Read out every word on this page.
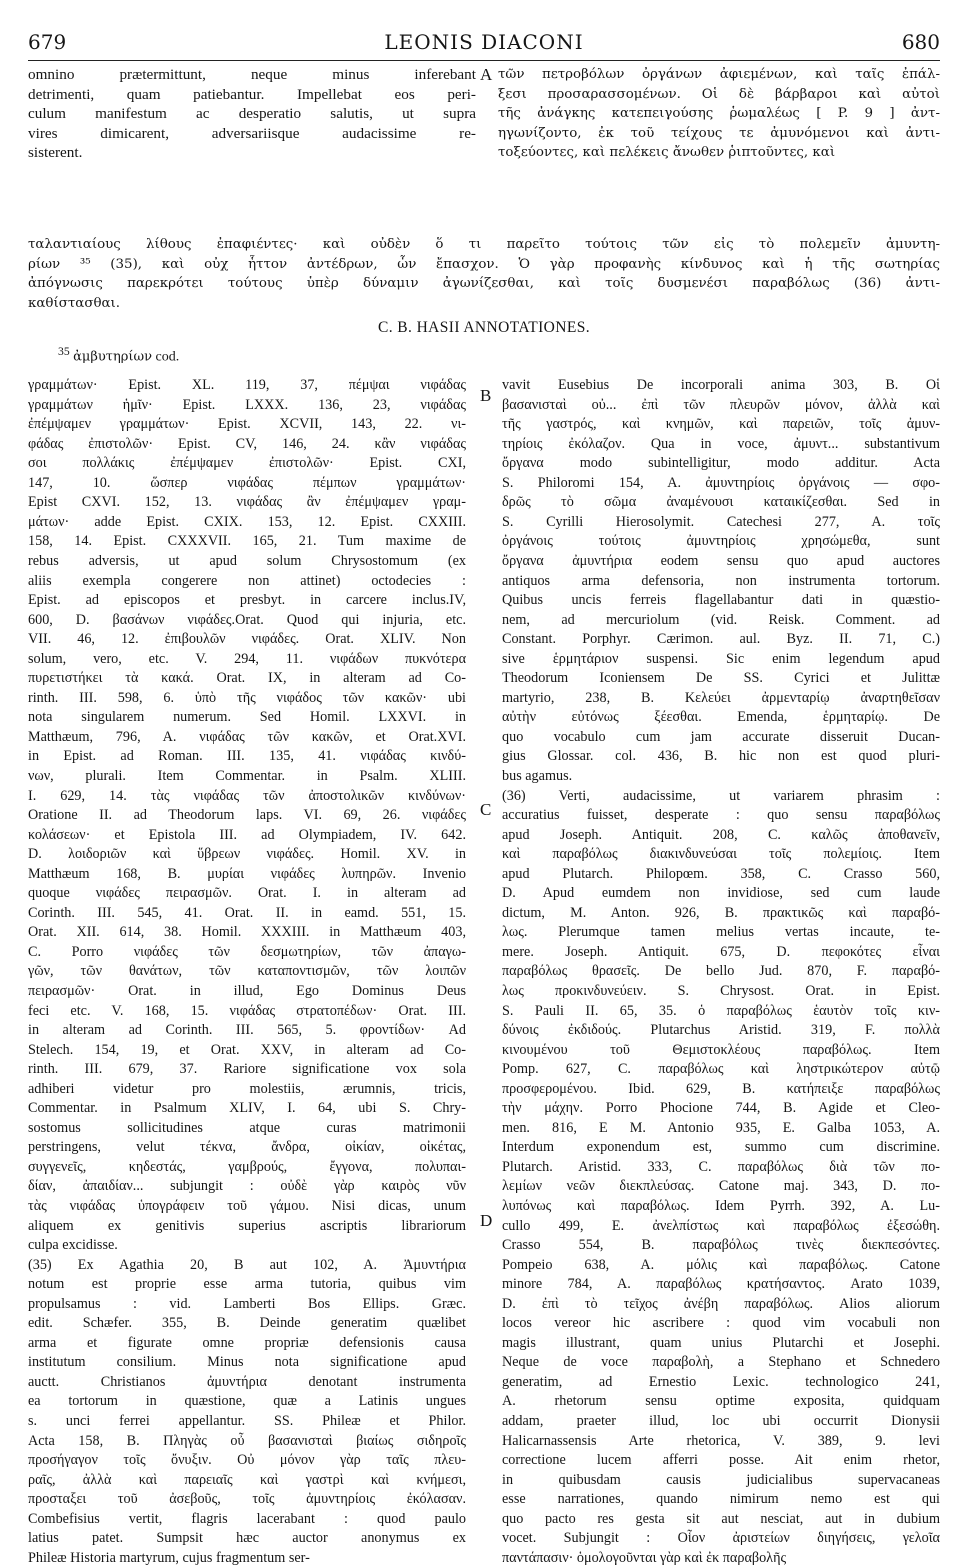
679	LEONIS DIACONI	680
omnino prætermittunt, neque minus inferebant
detrimenti, quam patiebantur. Impellebat eos peri-
culum manifestum ac desperatio salutis, ut supra
vires dimicarent, adversariisque audacissime re-
sisterent.
A τῶν πετροβόλων ὀργάνων ἀφιεμένων, καὶ ταῖς ἐπάλ-
ξεσι προσαρασσομένων. Οἱ δὲ βάρβαροι καὶ αὐτοὶ
τῆς ἀνάγκης κατεπειγούσης ῥωμαλέως [ P. 9 ] ἀντ-
ηγωνίζοντο, ἐκ τοῦ τείχους τε ἀμυνόμενοι καὶ ἀντι-
τοξεύοντες, καὶ πελέκεις ἄνωθεν ῥιπτοῦντες, καὶ
ταλαντιαίους λίθους ἐπαφιέντες· καὶ οὐδὲν ὅ τι παρεῖτο τούτοις τῶν εἰς τὸ πολεμεῖν ἀμυντη-
ρίων ³⁵ (35), καὶ οὐχ ἧττον ἀντέδρων, ὧν ἔπασχον. Ὁ γὰρ προφανὴς κίνδυνος καὶ ἡ τῆς σωτηρίας
ἀπόγνωσις παρεκρότει τούτους ὑπὲρ δύναμιν ἀγωνίζεσθαι, καὶ τοῖς δυσμενέσι παραβόλως (36) ἀντι-
καθίστασθαι.
C. B. HASII ANNOTATIONES.
$^{35}$ ἀμβυτηρίων cod.
γραμμάτων· Epist. XL. 119, 37, πέμψαι νιφάδας
γραμμάτων ἡμῖν· Epist. LXXX. 136, 23, νιφάδας
ἐπέμψαμεν γραμμάτων· Epist. XCVII, 143, 22. νι-
φάδας ἐπιστολῶν· Epist. CV, 146, 24. κἂν νιφάδας
σοι πολλάκις ἐπέμψαμεν ἐπιστολῶν· Epist. CXI,
147, 10. ὥσπερ νιφάδας πέμπων γραμμάτων·
Epist CXVI. 152, 13. νιφάδας ἂν ἐπέμψαμεν γραμ-
μάτων· adde Epist. CXIX. 153, 12. Epist. CXXIII.
158, 14. Epist. CXXXVII. 165, 21. Tum maxime de
rebus adversis, ut apud solum Chrysostomum (ex
aliis exempla congerere non attinet) octodecies :
Epist. ad episcopos et presbyt. in carcere inclus.IV,
600, D. βασάνων νιφάδες.Orat. Quod qui injuria, etc.
VII. 46, 12. ἐπιβουλῶν νιφάδες. Orat. XLIV. Non
solum, vero, etc. V. 294, 11. νιφάδων πυκνότερα
πυρετιστήκει τὰ κακά. Orat. IX, in alteram ad Co-
rinth. III. 598, 6. ὑπὸ τῆς νιφάδος τῶν κακῶν· ubi
nota singularem numerum. Sed Homil. LXXVI. in
Matthæum, 796, A. νιφάδας τῶν κακῶν, et Orat.XVI.
in Epist. ad Roman. III. 135, 41. νιφάδας κινδύ-
νων, plurali. Item Commentar. in Psalm. XLIII.
I. 629, 14. τὰς νιφάδας τῶν ἀποστολικῶν κινδύνων·
Oratione II. ad Theodorum laps. VI. 69, 26. νιφάδες
κολάσεων· et Epistola III. ad Olympiadem, IV. 642.
D. λοιδοριῶν καὶ ὕβρεων νιφάδες. Homil. XV. in
Matthæum 168, B. μυρίαι νιφάδες λυπηρῶν. Invenio
quoque νιφάδες πειρασμῶν. Orat. I. in alteram ad
Corinth. III. 545, 41. Orat. II. in eamd. 551, 15.
Orat. XII. 614, 38. Homil. XXXIII. in Matthæum 403,
C. Porro νιφάδες τῶν δεσμωτηρίων, τῶν ἀπαγω-
γῶν, τῶν θανάτων, τῶν καταποντισμῶν, τῶν λοιπῶν
πειρασμῶν· Orat. in illud, Ego Dominus Deus
feci etc. V. 168, 15. νιφάδας στρατοπέδων· Orat. III.
in alteram ad Corinth. III. 565, 5. φροντίδων· Ad
Stelech. 154, 19, et Orat. XXV, in alteram ad Co-
rinth. III. 679, 37. Rariore significatione vox sola
adhiberi videtur pro molestiis, ærumnis, tricis,
Commentar. in Psalmum XLIV, I. 64, ubi S. Chry-
sostomus sollicitudines atque curas matrimonii
perstringens, velut τέκνα, ἄνδρα, οἰκίαν, οἰκέτας,
συγγενεῖς, κηδεστάς, γαμβρούς, ἔγγονα, πολυπαι-
δίαν, ἀπαιδίαν... subjungit : οὐδὲ γὰρ καιρὸς νῦν
τὰς νιφάδας ὑπογράφειν τοῦ γάμου. Nisi dicas, unum
aliquem ex genitivis superius ascriptis librariorum
culpa excidisse.
(35) Ex Agathia 20, B aut 102, A. Ἀμυντήρια
notum est proprie esse arma tutoria, quibus vim
propulsamus : vid. Lamberti Bos Ellips. Græc.
edit. Schæfer. 355, B. Deinde generatim quælibet
arma et figurate omne propriæ defensionis causa
institutum consilium. Minus nota significatione apud
auctt. Christianos ἀμυντήρια denotant instrumenta
ea tortorum in quæstione, quæ a Latinis ungues
s. unci ferrei appellantur. SS. Phileæ et Philor.
Acta 158, B. Πληγὰς οὖ βασανισταὶ βιαίως σιδηροῖς
προσήγαγον τοῖς ὄνυξιν. Οὐ μόνον γὰρ ταῖς πλευ-
ραῖς, ἀλλὰ καὶ παρειαῖς καὶ γαστρὶ καὶ κνήμεσι,
προσταξει τοῦ ἀσεβοῦς, τοῖς ἀμυντηρίοις ἐκόλασαν.
Combefisius vertit, flagris lacerabant : quod paulo
latius patet. Sumpsit hæc auctor anonymus ex
Phileæ Historia martyrum, cujus fragmentum ser-
B
C
D
vavit Eusebius De incorporali anima 303, B. Οἱ
βασανισταὶ οὐ... ἐπὶ τῶν πλευρῶν μόνον, ἀλλὰ καὶ
τῆς γαστρός, καὶ κνημῶν, καὶ παρειῶν, τοῖς ἀμυν-
τηρίοις ἐκόλαζον. Qua in voce, ἀμυντ... substantivum
ὄργανα modo subintelligitur, modo additur. Acta
S. Philoromi 154, A. ἀμυντηρίοις ὀργάνοις — σφο-
δρῶς τὸ σῶμα ἀναμένουσι καταικίζεσθαι. Sed in
S. Cyrilli Hierosolymit. Catechesi 277, A. τοῖς
ὀργάνοις τούτοις ἀμυντηρίοις χρησώμεθα, sunt
ὄργανα ἀμυντήρια eodem sensu quo apud auctores
antiquos arma defensoria, non instrumenta tortorum.
Quibus uncis ferreis flagellabantur dati in quæstio-
nem, ad mercuriolum (vid. Reisk. Comment. ad
Constant. Porphyr. Cærimon. aul. Byz. II. 71, C.)
sive ἑρμητάριον suspensi. Sic enim legendum apud
Theodorum Iconiensem De SS. Cyrici et Julittæ
martyrio, 238, B. Κελεύει ἀρμενταρίῳ ἀναρτηθεῖσαν
αὐτὴν εὐτόνως ξέεσθαι. Emenda, ἑρμηταρίῳ. De
quo vocabulo cum jam accurate disseruit Ducan-
gius Glossar. col. 436, B. hic non est quod pluri-
bus agamus.
(36) Verti, audacissime, ut variarem phrasim :
accuratius fuisset, desperate : quo sensu παραβόλως
apud Joseph. Antiquit. 208, C. καλῶς ἀποθανεῖν,
καὶ παραβόλως διακινδυνεύσαι τοῖς πολεμίοις. Item
apud Plutarch. Philopœm. 358, C. Crasso 560,
D. Apud eumdem non invidiose, sed cum laude
dictum, M. Anton. 926, B. πρακτικῶς καὶ παραβό-
λως. Plerumque tamen melius vertas incaute, te-
mere. Joseph. Antiquit. 675, D. πεφοκότες εἶναι
παραβόλως θρασεῖς. De bello Jud. 870, F. παραβό-
λως προκινδυνεύειν. S. Chrysost. Orat. in Epist.
S. Pauli II. 65, 35. ὁ παραβόλως ἑαυτὸν τοῖς κιν-
δύνοις ἐκδιδούς. Plutarchus Aristid. 319, F. πολλὰ
κινουμένου τοῦ Θεμιστοκλέους παραβόλως. Item
Pomp. 627, C. παραβόλως καὶ ληστρικώτερον αὐτῷ
προσφερομένου. Ibid. 629, B. κατήπειξε παραβόλως
τὴν μάχην. Porro Phocione 744, B. Agide et Cleo-
men. 816, E M. Antonio 935, E. Galba 1053, A.
Interdum exponendum est, summo cum discrimine.
Plutarch. Aristid. 333, C. παραβόλως διὰ τῶν πο-
λεμίων νεῶν διεκπλεύσας. Catone maj. 343, D. πο-
λυπόνως καὶ παραβόλως. Idem Pyrrh. 392, A. Lu-
cullo 499, E. ἀνελπίστως καὶ παραβόλως ἐξεσώθη.
Crasso 554, B. παραβόλως τινὲς διεκπεσόντες.
Pompeio 638, A. μόλις καὶ παραβόλως. Catone
minore 784, A. παραβόλως κρατήσαντος. Arato 1039,
D. ἐπὶ τὸ τεῖχος ἀνέβη παραβόλως. Alios aliorum
locos vereor hic ascribere : quod vim vocabuli non
magis illustrant, quam unius Plutarchi et Josephi.
Neque de voce παραβολὴ, a Stephano et Schnedero
generatim, ad Ernestio Lexic. technologico 241,
A. rhetorum sensu optime exposita, quidquam
addam, praeter illud, loc ubi occurrit Dionysii
Halicarnassensis Arte rhetorica, V. 389, 9. levi
correctione lucem afferri posse. Ait enim rhetor,
in quibusdam causis judicialibus supervacaneas
esse narrationes, quando nimirum nemo est qui
quo pacto res gesta sit aut nesciat, aut in dubium
vocet. Subjungit : Οἷον ἀριστείων διηγήσεις, γελοῖα
παντάπασιν· ὁμολογοῦνται γὰρ καὶ ἐκ παραβολῆς
